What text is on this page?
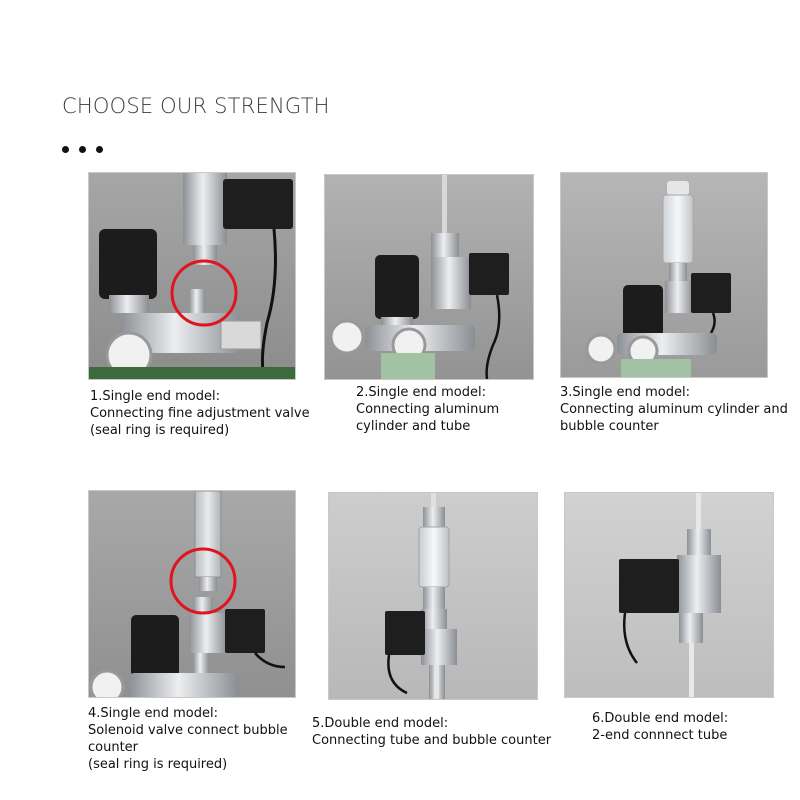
CHOOSE OUR STRENGTH
1.Single end model:
Connecting fine adjustment valve
(seal ring is required)
2.Single end model:
Connecting aluminum
cylinder and tube
3.Single end model:
Connecting aluminum cylinder and
bubble counter
4.Single end model:
Solenoid valve connect bubble
counter
(seal ring is required)
5.Double end model:
Connecting tube and bubble counter
6.Double end model:
2-end connnect tube
